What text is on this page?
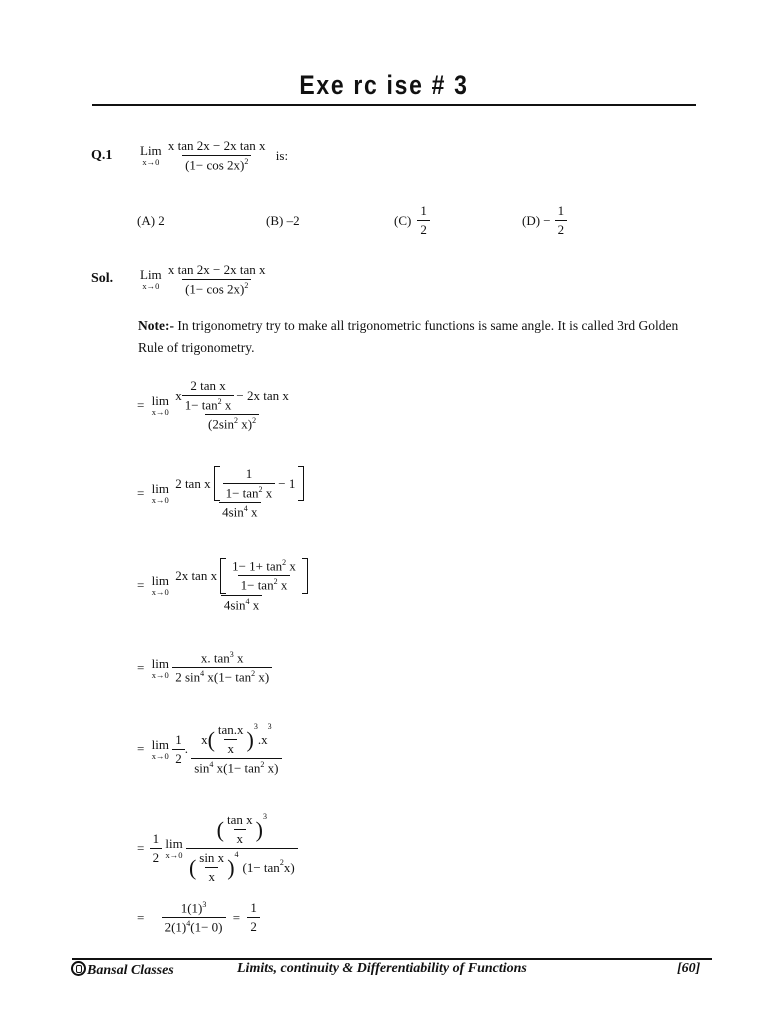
Exe rc ise # 3
Q.1 Lim
x→0
$\frac{\text{x tan 2x − 2x tan x}}{(1- \cos 2x)^2}$ is:
(A) 2	(B) –2	$(C) \frac{1}{2}$	$(D) - \frac{1}{2}$
Sol. Lim
x→0
$\frac{\text{x tan 2x − 2x tan x}}{(1- \cos 2x)^2}$
Note:- In trigonometry try to make all trigonometric functions is same angle. It is called 3rd Golden Rule of trigonometry.
= lim
x→0

x $\frac{\text{2 tan x}}{1- \tan^2 x} - 2x$ tan x
($2\sin^2$ x)$^2$
= lim
x→0

2 tan x $\frac{1}{1- \tan^2 x} - 1$
$4\sin^4$ x
= lim
x→0

2x tan x $\frac{1- 1+ \tan^2 x}{1- \tan^2 x}$
$4\sin^4$ x
= lim
x→0
$\frac{x. \tan^3 x}{2 \sin^4 x(1- \tan^2 x)}$
= lim
x→0
$\frac{1}{2}$ .
x ( $\frac{\tan.x}{x} )^3$
.x
3
$\sin^4 x(1- \tan^2 x)$
= $\frac{1}{2}$
lim
x→0

( $\frac{\text{tan x}}{x} )^3$
( $\frac{\text{sin x}}{x} )^4$
$(1- \tan^2 x)$
= $\frac{1(1)^3}{2(1)^4(1- 0)} = \frac{1}{2}$
Bansal Classes	Limits, continuity & Differentiability of Functions	[60]
